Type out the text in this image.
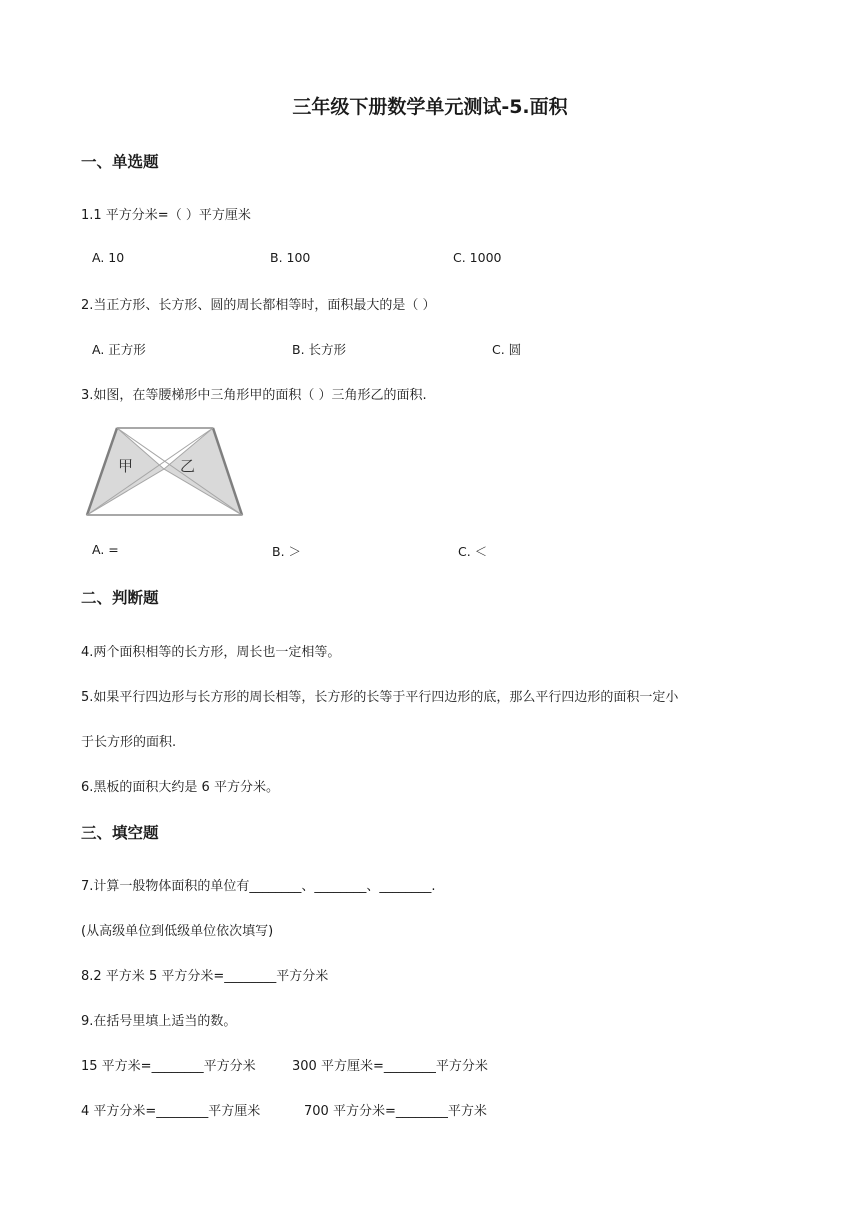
三年级下册数学单元测试-5.面积
一、单选题
1.1 平方分米=（ ）平方厘米
A. 10	B. 100	C. 1000
2.当正方形、长方形、圆的周长都相等时，面积最大的是（ ）
A. 正方形	B. 长方形	C. 圆
3.如图，在等腰梯形中三角形甲的面积（ ）三角形乙的面积.
甲	乙
A. =	B. ＞	C. ＜
二、判断题
4.两个面积相等的长方形，周长也一定相等。
5.如果平行四边形与长方形的周长相等，长方形的长等于平行四边形的底，那么平行四边形的面积一定小
于长方形的面积.
6.黑板的面积大约是 6 平方分米。
三、填空题
7.计算一般物体面积的单位有________、________、________.
(从高级单位到低级单位依次填写)
8.2 平方米 5 平方分米=________平方分米
9.在括号里填上适当的数。
15 平方米=________平方分米	300 平方厘米=________平方分米
4 平方分米=________平方厘米	700 平方分米=________平方米
